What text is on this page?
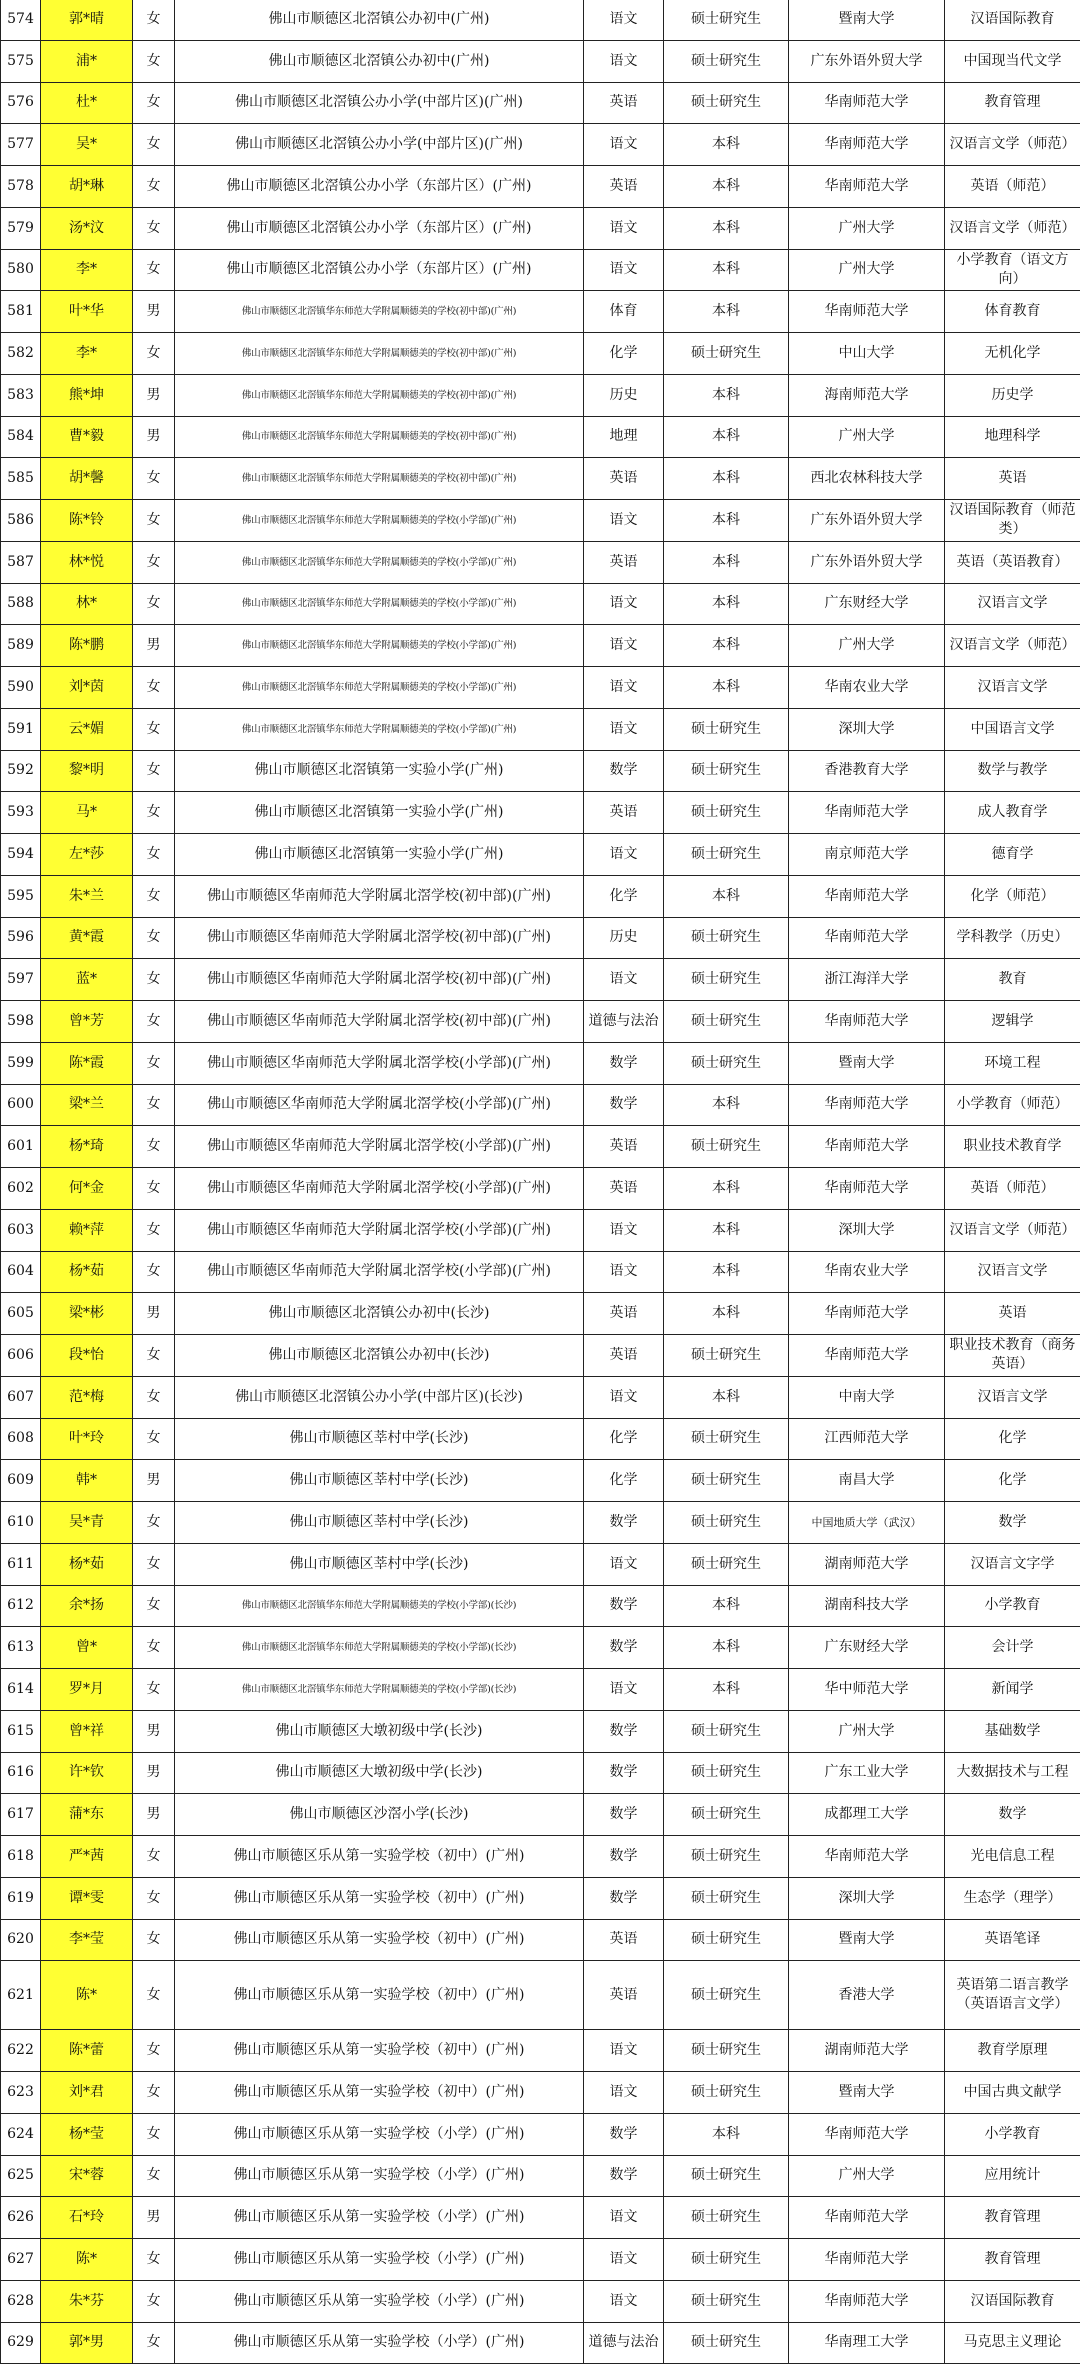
574	郭*晴	女	佛山市顺德区北滘镇公办初中(广州)	语文	硕士研究生	暨南大学	汉语国际教育
575	浦*	女	佛山市顺德区北滘镇公办初中(广州)	语文	硕士研究生	广东外语外贸大学	中国现当代文学
576	杜*	女	佛山市顺德区北滘镇公办小学(中部片区)(广州)	英语	硕士研究生	华南师范大学	教育管理
577	吴*	女	佛山市顺德区北滘镇公办小学(中部片区)(广州)	语文	本科	华南师范大学	汉语言文学（师范）
578	胡*琳	女	佛山市顺德区北滘镇公办小学（东部片区）(广州)	英语	本科	华南师范大学	英语（师范）
579	汤*汶	女	佛山市顺德区北滘镇公办小学（东部片区）(广州)	语文	本科	广州大学	汉语言文学（师范）
580	李*	女	佛山市顺德区北滘镇公办小学（东部片区）(广州)	语文	本科	广州大学	小学教育（语文方向）
581	叶*华	男	佛山市顺德区北滘镇华东师范大学附属顺德美的学校(初中部)(广州)	体育	本科	华南师范大学	体育教育
582	李*	女	佛山市顺德区北滘镇华东师范大学附属顺德美的学校(初中部)(广州)	化学	硕士研究生	中山大学	无机化学
583	熊*坤	男	佛山市顺德区北滘镇华东师范大学附属顺德美的学校(初中部)(广州)	历史	本科	海南师范大学	历史学
584	曹*毅	男	佛山市顺德区北滘镇华东师范大学附属顺德美的学校(初中部)(广州)	地理	本科	广州大学	地理科学
585	胡*馨	女	佛山市顺德区北滘镇华东师范大学附属顺德美的学校(初中部)(广州)	英语	本科	西北农林科技大学	英语
586	陈*铃	女	佛山市顺德区北滘镇华东师范大学附属顺德美的学校(小学部)(广州)	语文	本科	广东外语外贸大学	汉语国际教育（师范类）
587	林*悦	女	佛山市顺德区北滘镇华东师范大学附属顺德美的学校(小学部)(广州)	英语	本科	广东外语外贸大学	英语（英语教育）
588	林*	女	佛山市顺德区北滘镇华东师范大学附属顺德美的学校(小学部)(广州)	语文	本科	广东财经大学	汉语言文学
589	陈*鹏	男	佛山市顺德区北滘镇华东师范大学附属顺德美的学校(小学部)(广州)	语文	本科	广州大学	汉语言文学（师范）
590	刘*茵	女	佛山市顺德区北滘镇华东师范大学附属顺德美的学校(小学部)(广州)	语文	本科	华南农业大学	汉语言文学
591	云*媚	女	佛山市顺德区北滘镇华东师范大学附属顺德美的学校(小学部)(广州)	语文	硕士研究生	深圳大学	中国语言文学
592	黎*明	女	佛山市顺德区北滘镇第一实验小学(广州)	数学	硕士研究生	香港教育大学	数学与教学
593	马*	女	佛山市顺德区北滘镇第一实验小学(广州)	英语	硕士研究生	华南师范大学	成人教育学
594	左*莎	女	佛山市顺德区北滘镇第一实验小学(广州)	语文	硕士研究生	南京师范大学	德育学
595	朱*兰	女	佛山市顺德区华南师范大学附属北滘学校(初中部)(广州)	化学	本科	华南师范大学	化学（师范）
596	黄*霞	女	佛山市顺德区华南师范大学附属北滘学校(初中部)(广州)	历史	硕士研究生	华南师范大学	学科教学（历史）
597	蓝*	女	佛山市顺德区华南师范大学附属北滘学校(初中部)(广州)	语文	硕士研究生	浙江海洋大学	教育
598	曾*芳	女	佛山市顺德区华南师范大学附属北滘学校(初中部)(广州)	道德与法治	硕士研究生	华南师范大学	逻辑学
599	陈*霞	女	佛山市顺德区华南师范大学附属北滘学校(小学部)(广州)	数学	硕士研究生	暨南大学	环境工程
600	梁*兰	女	佛山市顺德区华南师范大学附属北滘学校(小学部)(广州)	数学	本科	华南师范大学	小学教育（师范）
601	杨*琦	女	佛山市顺德区华南师范大学附属北滘学校(小学部)(广州)	英语	硕士研究生	华南师范大学	职业技术教育学
602	何*金	女	佛山市顺德区华南师范大学附属北滘学校(小学部)(广州)	英语	本科	华南师范大学	英语（师范）
603	赖*萍	女	佛山市顺德区华南师范大学附属北滘学校(小学部)(广州)	语文	本科	深圳大学	汉语言文学（师范）
604	杨*茹	女	佛山市顺德区华南师范大学附属北滘学校(小学部)(广州)	语文	本科	华南农业大学	汉语言文学
605	梁*彬	男	佛山市顺德区北滘镇公办初中(长沙)	英语	本科	华南师范大学	英语
606	段*怡	女	佛山市顺德区北滘镇公办初中(长沙)	英语	硕士研究生	华南师范大学	职业技术教育（商务英语）
607	范*梅	女	佛山市顺德区北滘镇公办小学(中部片区)(长沙)	语文	本科	中南大学	汉语言文学
608	叶*玲	女	佛山市顺德区莘村中学(长沙)	化学	硕士研究生	江西师范大学	化学
609	韩*	男	佛山市顺德区莘村中学(长沙)	化学	硕士研究生	南昌大学	化学
610	吴*青	女	佛山市顺德区莘村中学(长沙)	数学	硕士研究生	中国地质大学（武汉）	数学
611	杨*茹	女	佛山市顺德区莘村中学(长沙)	语文	硕士研究生	湖南师范大学	汉语言文字学
612	余*扬	女	佛山市顺德区北滘镇华东师范大学附属顺德美的学校(小学部)(长沙)	数学	本科	湖南科技大学	小学教育
613	曾*	女	佛山市顺德区北滘镇华东师范大学附属顺德美的学校(小学部)(长沙)	数学	本科	广东财经大学	会计学
614	罗*月	女	佛山市顺德区北滘镇华东师范大学附属顺德美的学校(小学部)(长沙)	语文	本科	华中师范大学	新闻学
615	曾*祥	男	佛山市顺德区大墩初级中学(长沙)	数学	硕士研究生	广州大学	基础数学
616	许*钦	男	佛山市顺德区大墩初级中学(长沙)	数学	硕士研究生	广东工业大学	大数据技术与工程
617	蒲*东	男	佛山市顺德区沙滘小学(长沙)	数学	硕士研究生	成都理工大学	数学
618	严*茜	女	佛山市顺德区乐从第一实验学校（初中）(广州)	数学	硕士研究生	华南师范大学	光电信息工程
619	谭*雯	女	佛山市顺德区乐从第一实验学校（初中）(广州)	数学	硕士研究生	深圳大学	生态学（理学）
620	李*莹	女	佛山市顺德区乐从第一实验学校（初中）(广州)	英语	硕士研究生	暨南大学	英语笔译
621	陈*	女	佛山市顺德区乐从第一实验学校（初中）(广州)	英语	硕士研究生	香港大学	英语第二语言教学（英语语言文学）
622	陈*蕾	女	佛山市顺德区乐从第一实验学校（初中）(广州)	语文	硕士研究生	湖南师范大学	教育学原理
623	刘*君	女	佛山市顺德区乐从第一实验学校（初中）(广州)	语文	硕士研究生	暨南大学	中国古典文献学
624	杨*莹	女	佛山市顺德区乐从第一实验学校（小学）(广州)	数学	本科	华南师范大学	小学教育
625	宋*蓉	女	佛山市顺德区乐从第一实验学校（小学）(广州)	数学	硕士研究生	广州大学	应用统计
626	石*玲	男	佛山市顺德区乐从第一实验学校（小学）(广州)	语文	硕士研究生	华南师范大学	教育管理
627	陈*	女	佛山市顺德区乐从第一实验学校（小学）(广州)	语文	硕士研究生	华南师范大学	教育管理
628	朱*芬	女	佛山市顺德区乐从第一实验学校（小学）(广州)	语文	硕士研究生	华南师范大学	汉语国际教育
629	郭*男	女	佛山市顺德区乐从第一实验学校（小学）(广州)	道德与法治	硕士研究生	华南理工大学	马克思主义理论
